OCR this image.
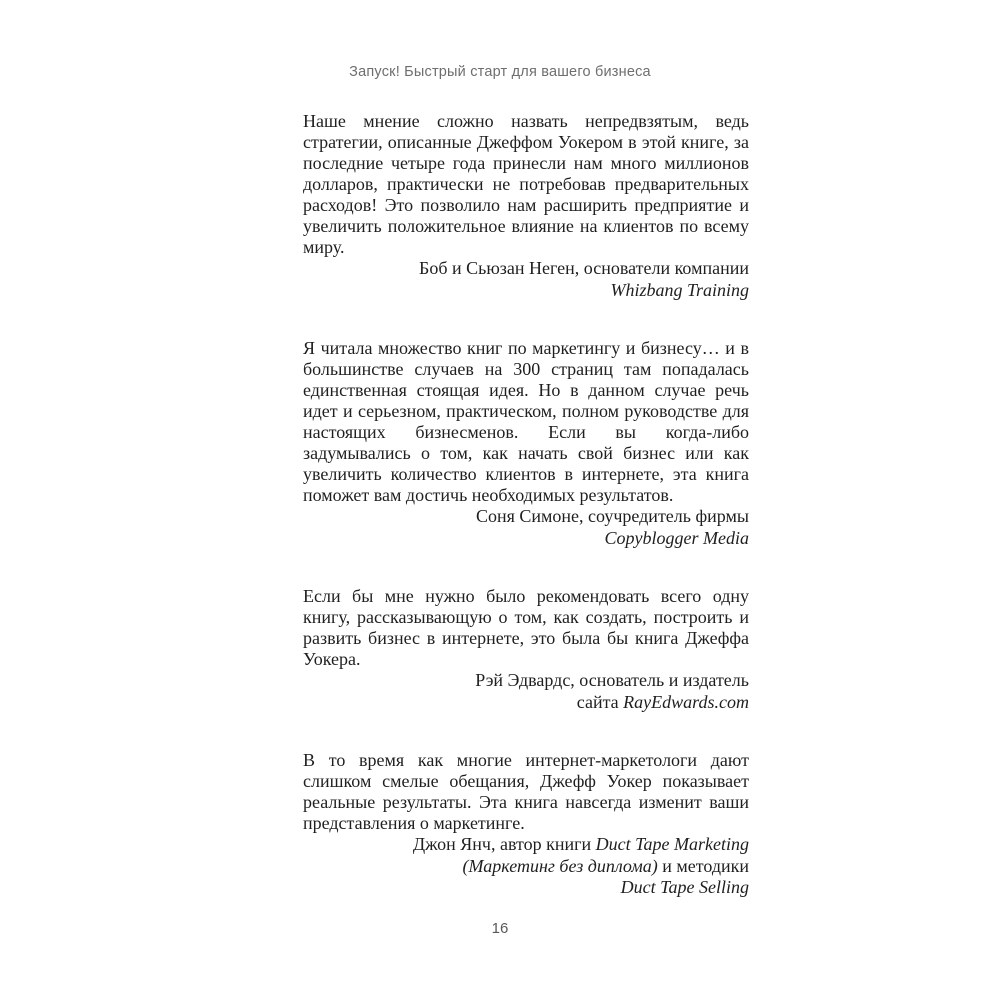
Запуск! Быстрый старт для вашего бизнеса

Наше мнение сложно назвать непредвзятым, ведь стратегии, описанные Джеффом Уокером в этой книге, за последние четыре года принесли нам много миллионов долларов, практически не потребовав предварительных расходов! Это позволило нам расширить предприятие и увеличить положительное влияние на клиентов по всему миру.

Боб и Сьюзан Неген, основатели компании
Whizbang Training

Я читала множество книг по маркетингу и бизнесу… и в большинстве случаев на 300 страниц там попадалась единственная стоящая идея. Но в данном случае речь идет и серьезном, практическом, полном руководстве для настоящих бизнесменов. Если вы когда-либо задумывались о том, как начать свой бизнес или как увеличить количество клиентов в интернете, эта книга поможет вам достичь необходимых результатов.

Соня Симоне, соучредитель фирмы
Copyblogger Media

Если бы мне нужно было рекомендовать всего одну книгу, рассказывающую о том, как создать, построить и развить бизнес в интернете, это была бы книга Джеффа Уокера.

Рэй Эдвардс, основатель и издатель
сайта RayEdwards.com

В то время как многие интернет-маркетологи дают слишком смелые обещания, Джефф Уокер показывает реальные результаты. Эта книга навсегда изменит ваши представления о маркетинге.

Джон Янч, автор книги Duct Tape Marketing
(Маркетинг без диплома) и методики
Duct Tape Selling
16
